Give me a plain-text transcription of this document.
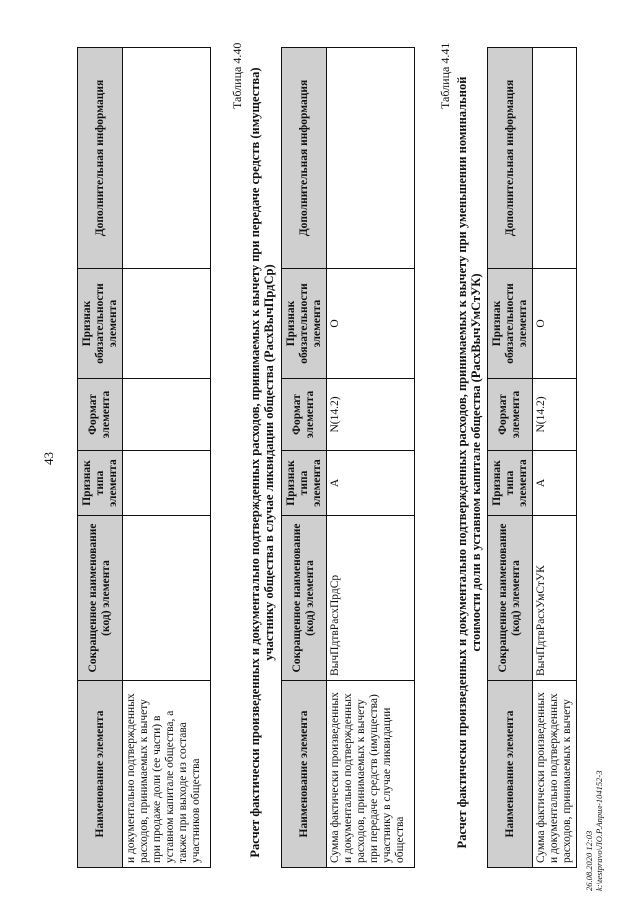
43
Наименование элемента	Сокращенное наименование (код) элемента	Признак типа элемента	Формат элемента	Признак обязательности элемента	Дополнительная информация
и документально подтвержденных расходов, принимаемых к вычету при продаже доли (ее части) в уставном капитале общества, а также при выходе из состава участников общества					
Таблица 4.40 Расчет фактически произведенных и документально подтвержденных расходов, принимаемых к вычету при передаче средств (имущества) участнику общества в случае ликвидации общества (РасхВычПрдСр)
Наименование элемента	Сокращенное наименование (код) элемента	Признак типа элемента	Формат элемента	Признак обязательности элемента	Дополнительная информация
Сумма фактически произведенных и документально подтвержденных расходов, принимаемых к вычету при передаче средств (имущества) участнику в случае ликвидации общества	ВычПдтвРасхПрдСр	А	N(14.2)	О	
Таблица 4.41
Расчет фактически произведенных и документально подтвержденных расходов, принимаемых к вычету при уменьшении номинальной стоимости доли в уставном капитале общества (РасхВычУмСтУК)
Наименование элемента	Сокращенное наименование (код) элемента	Признак типа элемента	Формат элемента	Признак обязательности элемента	Дополнительная информация
Сумма фактически произведенных и документально подтвержденных расходов, принимаемых к вычету	ВычПдтвРасхУмСтУК	А	N(14.2)	О	
26.08.2020 12:03 k:\testpravo\ЛО.Р.Април-104152-3
